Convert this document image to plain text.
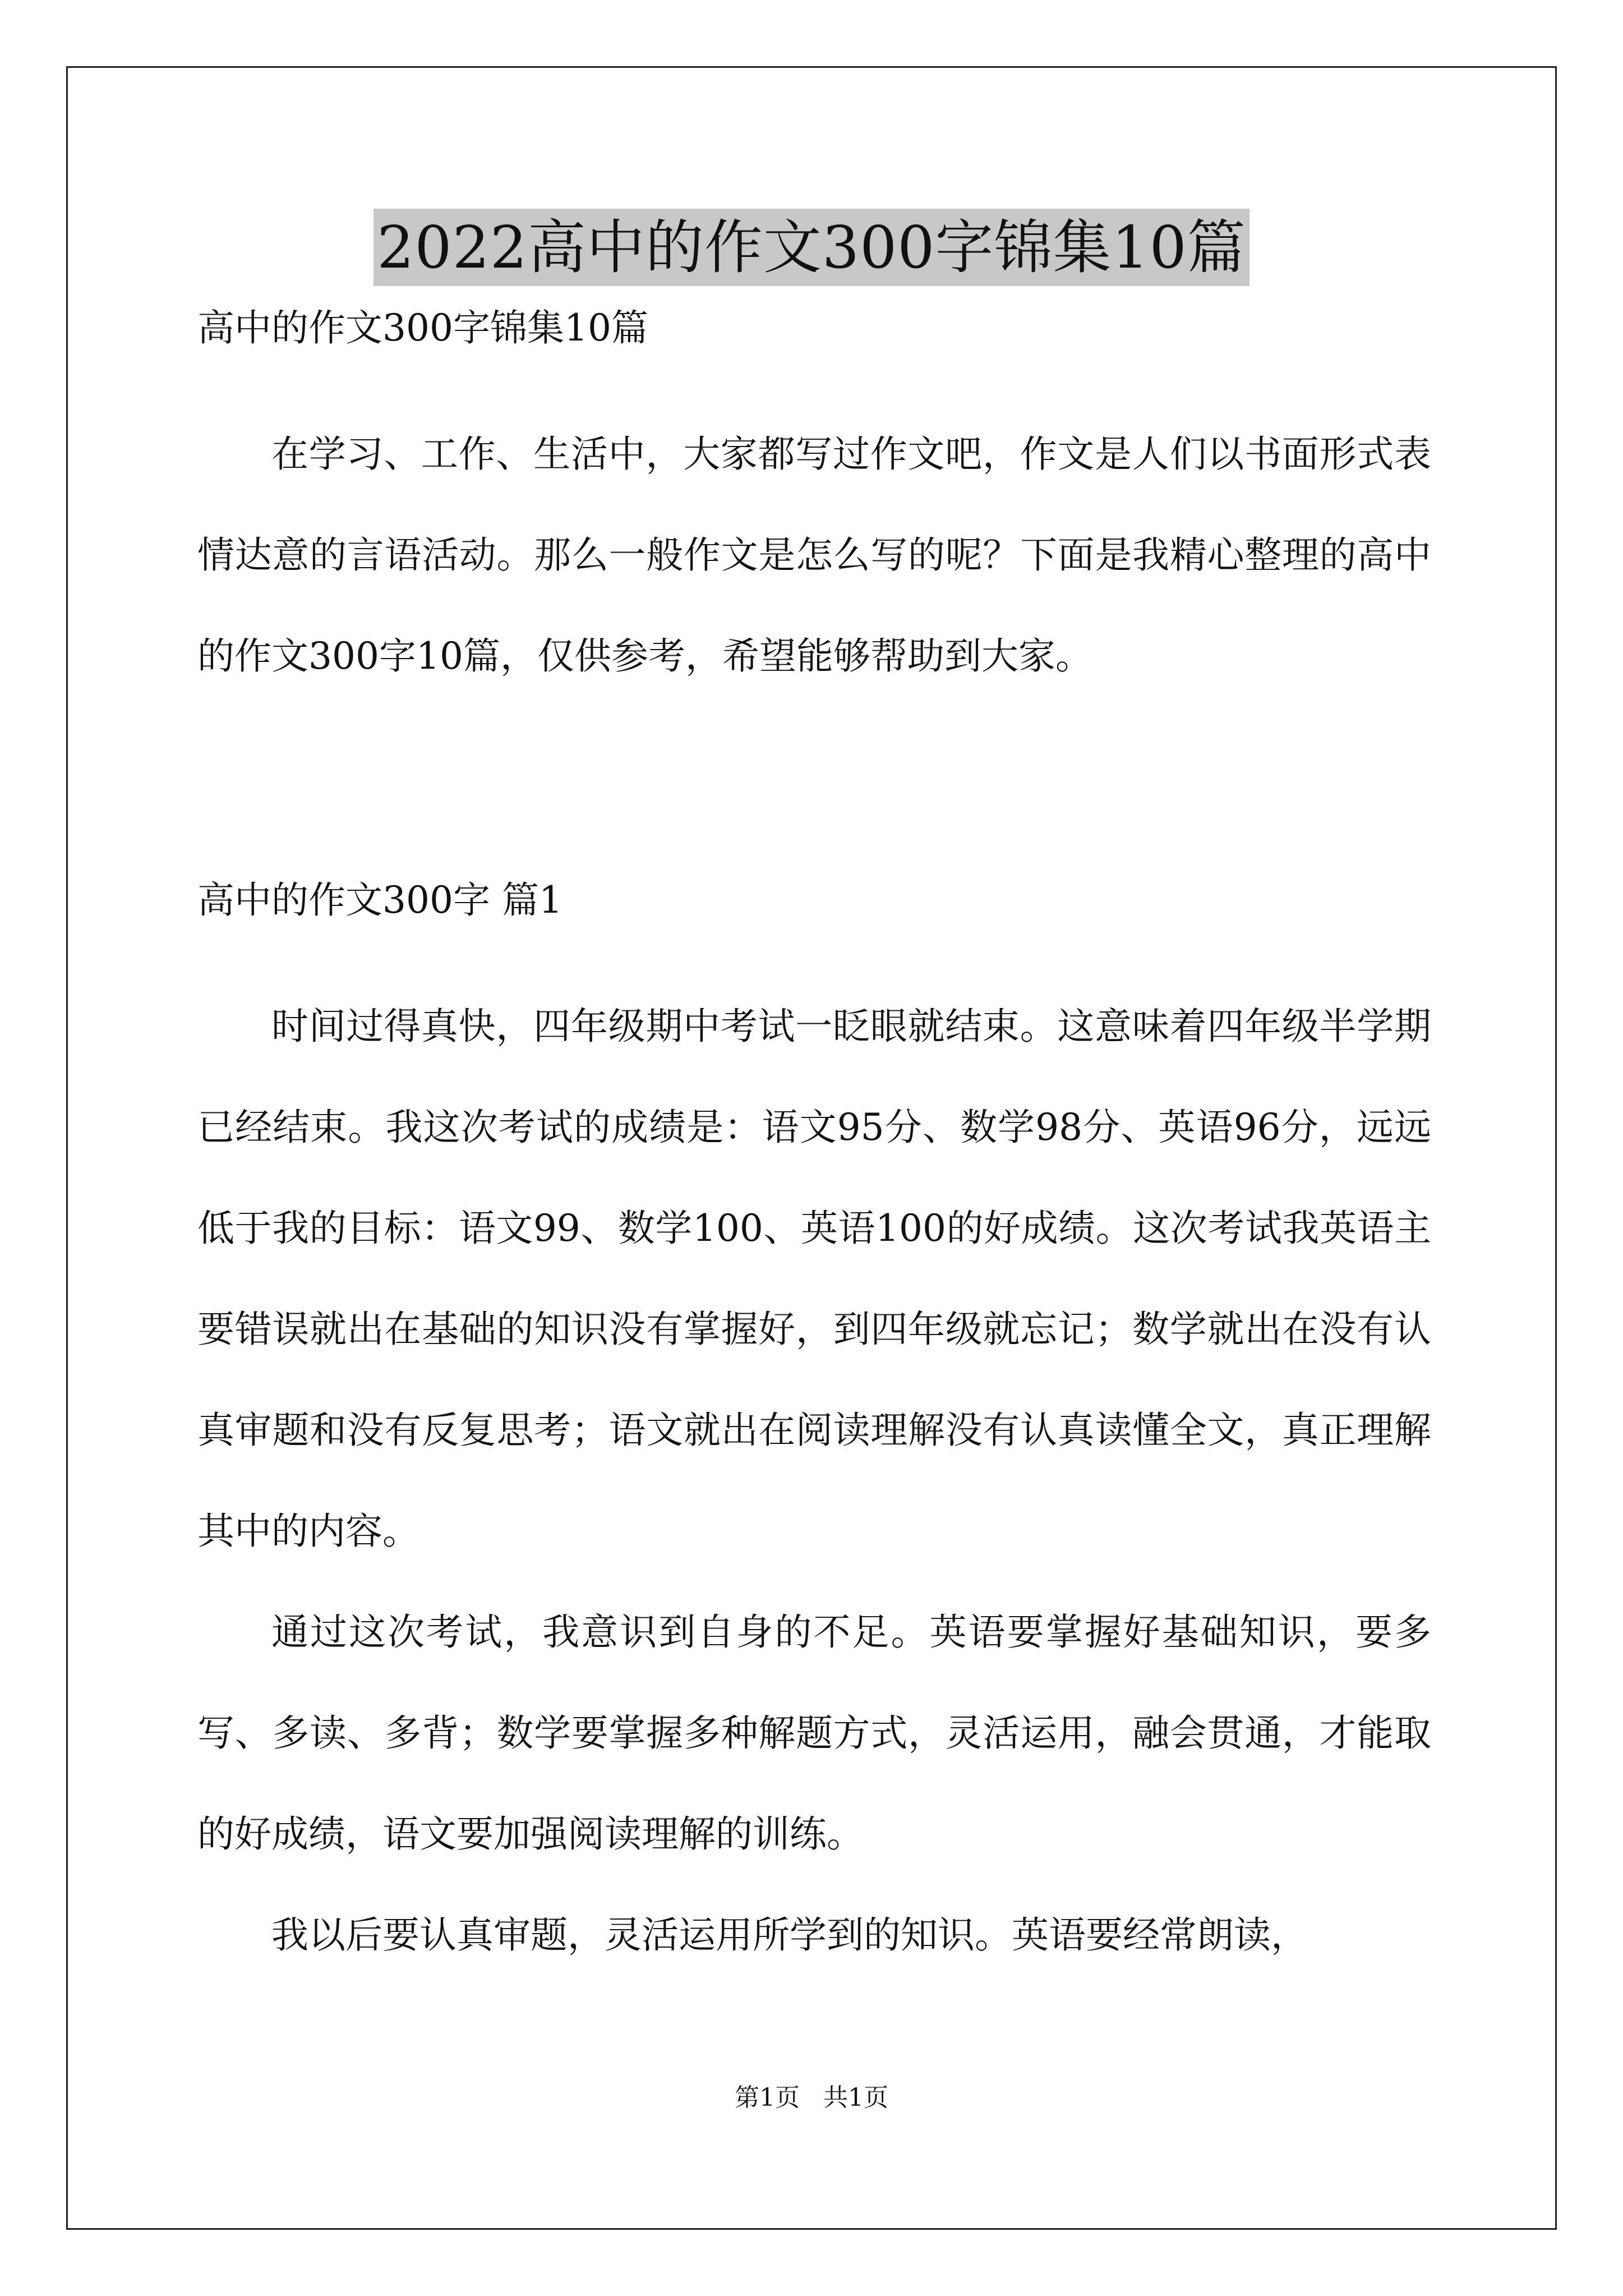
2022高中的作文300字锦集10篇

高中的作文300字锦集10篇

在学习、工作、生活中，大家都写过作文吧，作文是人们以书面形式表情达意的言语活动。那么一般作文是怎么写的呢？下面是我精心整理的高中的作文300字10篇，仅供参考，希望能够帮助到大家。

高中的作文300字 篇1

时间过得真快，四年级期中考试一眨眼就结束。这意味着四年级半学期已经结束。我这次考试的成绩是：语文95分、数学98分、英语96分，远远低于我的目标：语文99、数学100、英语100的好成绩。这次考试我英语主要错误就出在基础的知识没有掌握好，到四年级就忘记；数学就出在没有认真审题和没有反复思考；语文就出在阅读理解没有认真读懂全文，真正理解其中的内容。

通过这次考试，我意识到自身的不足。英语要掌握好基础知识，要多写、多读、多背；数学要掌握多种解题方式，灵活运用，融会贯通，才能取的好成绩，语文要加强阅读理解的训练。

我以后要认真审题，灵活运用所学到的知识。英语要经常朗读，

第1页   共1页
